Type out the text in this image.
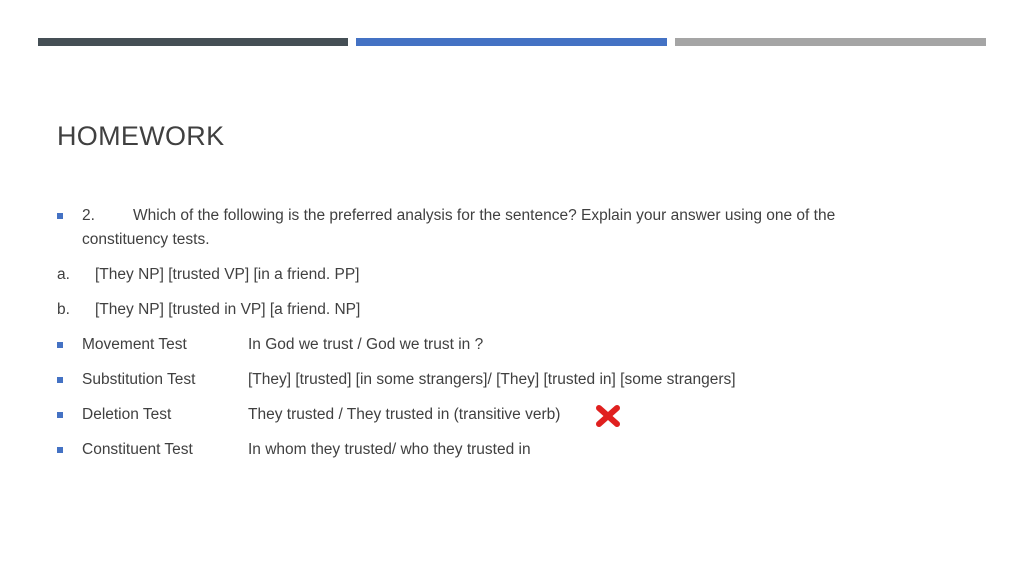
HOMEWORK
2. Which of the following is the preferred analysis for the sentence? Explain your answer using one of the
constituency tests.
a. [They NP] [trusted VP] [in a friend. PP]
b. [They NP] [trusted in VP] [a friend. NP]
Movement Test	In God we trust / God we trust in ?
Substitution Test	[They] [trusted] [in some strangers]/ [They] [trusted in] [some strangers]
Deletion Test	They trusted / They trusted in (transitive verb)
Constituent Test	In whom they trusted/ who they trusted in
